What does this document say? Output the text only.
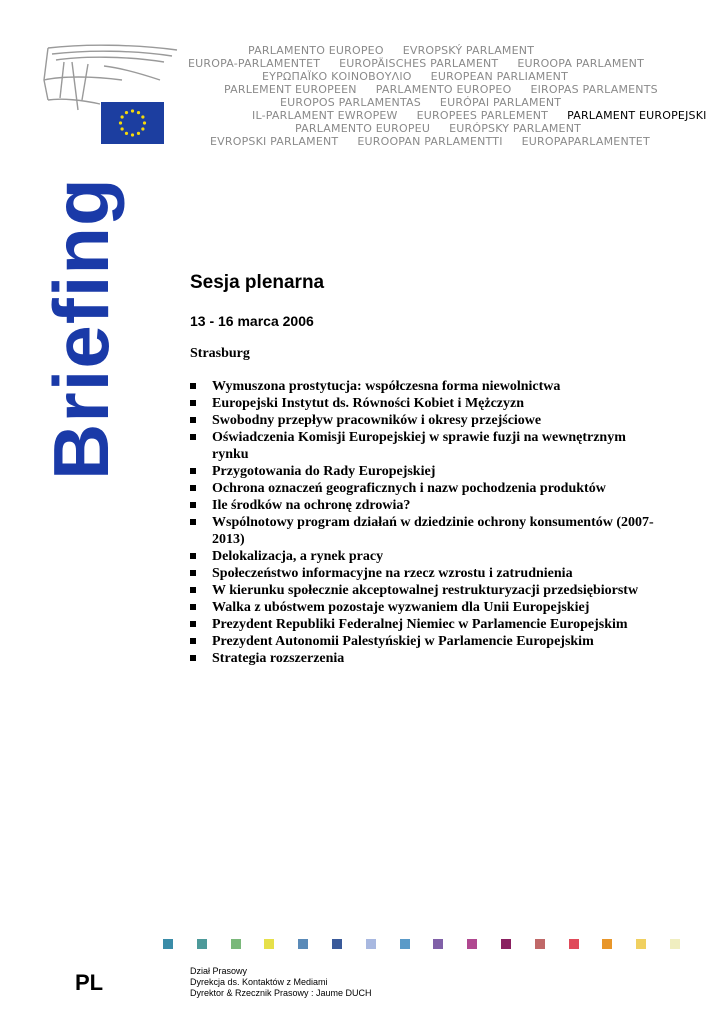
PARLAMENTO EUROPEO EVROPSKÝ PARLAMENT
EUROPA-PARLAMENTET EUROPÄISCHES PARLAMENT EUROOPA PARLAMENT
ΕΥΡΩΠΑΪΚΟ ΚΟΙΝΟΒΟΥΛΙΟ EUROPEAN PARLIAMENT
PARLEMENT EUROPEEN PARLAMENTO EUROPEO EIROPAS PARLAMENTS
EUROPOS PARLAMENTAS EURÓPAI PARLAMENT
IL-PARLAMENT EWROPEW EUROPEES PARLEMENT PARLAMENT EUROPEJSKI
PARLAMENTO EUROPEU EURÓPSKY PARLAMENT
EVROPSKI PARLAMENT EUROOPAN PARLAMENTTI EUROPAPARLAMENTET
Briefing	Sesja plenarna
13 - 16 marca 2006
Strasburg
Wymuszona prostytucja: współczesna forma niewolnictwa
Europejski Instytut ds. Równości Kobiet i Mężczyzn
Swobodny przepływ pracowników i okresy przejściowe
Oświadczenia Komisji Europejskiej w sprawie fuzji na wewnętrznym rynku
Przygotowania do Rady Europejskiej
Ochrona oznaczeń geograficznych i nazw pochodzenia produktów
Ile środków na ochronę zdrowia?
Wspólnotowy program działań w dziedzinie ochrony konsumentów (2007-2013)
Delokalizacja, a rynek pracy
Społeczeństwo informacyjne na rzecz wzrostu i zatrudnienia
W kierunku społecznie akceptowalnej restrukturyzacji przedsiębiorstw
Walka z ubóstwem pozostaje wyzwaniem dla Unii Europejskiej
Prezydent Republiki Federalnej Niemiec w Parlamencie Europejskim
Prezydent Autonomii Palestyńskiej w Parlamencie Europejskim
Strategia rozszerzenia
PL	Dział Prasowy
Dyrekcja ds. Kontaktów z Mediami
Dyrektor & Rzecznik Prasowy : Jaume DUCH
